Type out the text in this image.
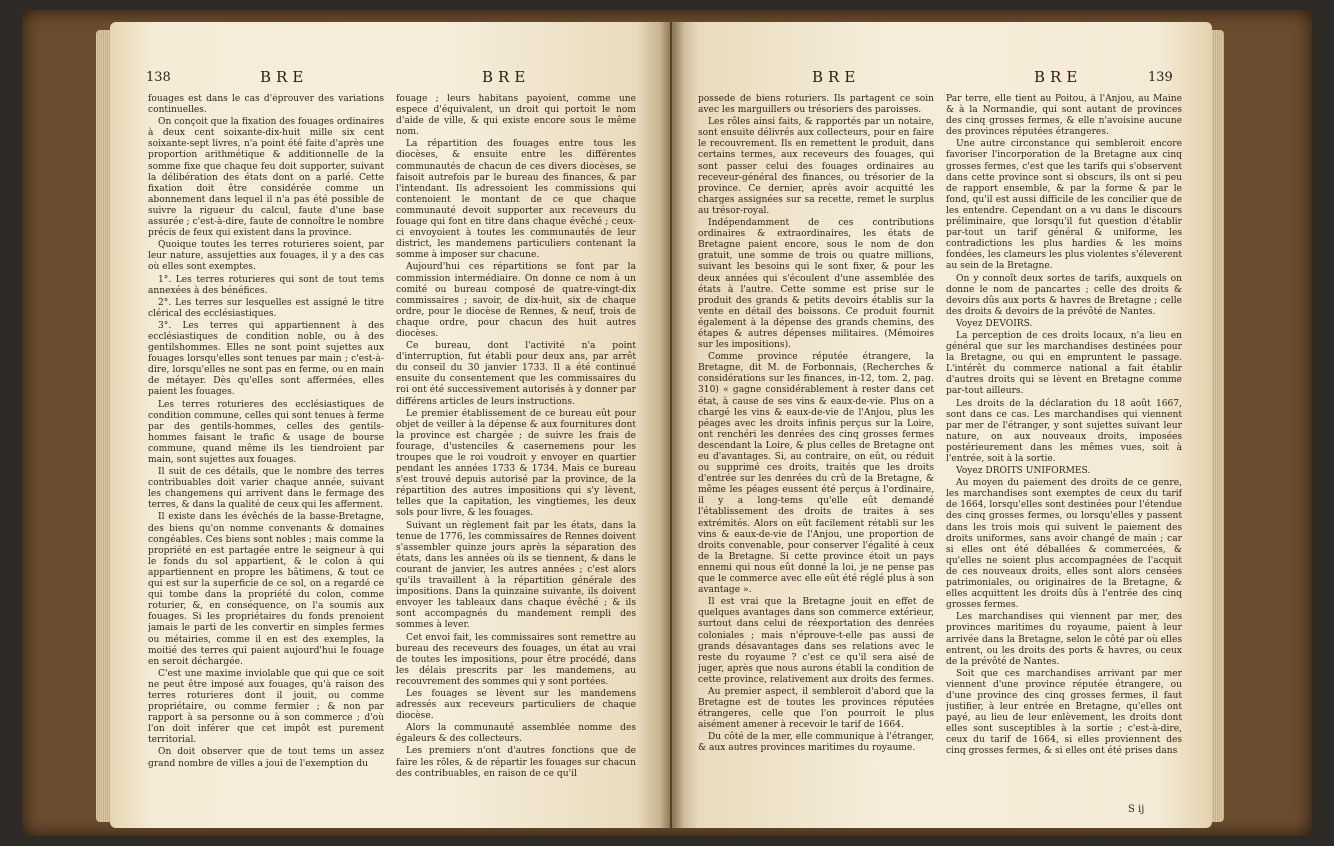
138	BRE	BRE

fouages est dans le cas d'éprouver des variations continuelles.

On conçoit que la fixation des fouages ordinaires à deux cent soixante-dix-huit mille six cent soixante-sept livres, n'a point été faite d'après une proportion arithmétique & additionnelle de la somme fixe que chaque feu doit supporter, suivant la délibération des états dont on a parlé. Cette fixation doit être considérée comme un abonnement dans lequel il n'a pas été possible de suivre la rigueur du calcul, faute d'une base assurée ; c'est-à-dire, faute de connoître le nombre précis de feux qui existent dans la province.

Quoique toutes les terres roturieres soient, par leur nature, assujetties aux fouages, il y a des cas où elles sont exemptes.

1°. Les terres roturieres qui sont de tout tems annexées à des bénéfices.

2°. Les terres sur lesquelles est assigné le titre clérical des ecclésiastiques.

3°. Les terres qui appartiennent à des ecclésiastiques de condition noble, ou à des gentilshommes. Elles ne sont point sujettes aux fouages lorsqu'elles sont tenues par main ; c'est-à-dire, lorsqu'elles ne sont pas en ferme, ou en main de métayer. Dès qu'elles sont affermées, elles paient les fouages.

Les terres roturieres des ecclésiastiques de condition commune, celles qui sont tenues à ferme par des gentils-hommes, celles des gentils-hommes faisant le trafic & usage de bourse commune, quand même ils les tiendroient par main, sont sujettes aux fouages.

Il suit de ces détails, que le nombre des terres contribuables doit varier chaque année, suivant les changemens qui arrivent dans le fermage des terres, & dans la qualité de ceux qui les afferment.

Il existe dans les évêchés de la basse-Bretagne, des biens qu'on nomme convenants & domaines congéables. Ces biens sont nobles ; mais comme la propriété en est partagée entre le seigneur à qui le fonds du sol appartient, & le colon à qui appartiennent en propre les bâtimens, & tout ce qui est sur la superficie de ce sol, on a regardé ce qui tombe dans la propriété du colon, comme roturier, &, en conséquence, on l'a soumis aux fouages. Si les propriétaires du fonds prenoient jamais le parti de les convertir en simples fermes ou métairies, comme il en est des exemples, la moitié des terres qui paient aujourd'hui le fouage en seroit déchargée.

C'est une maxime inviolable que qui que ce soit ne peut être imposé aux fouages, qu'à raison des terres roturieres dont il jouit, ou comme propriétaire, ou comme fermier ; & non par rapport à sa personne ou à son commerce ; d'où l'on doit inférer que cet impôt est purement territorial.

On doit observer que de tout tems un assez grand nombre de villes a joui de l'exemption du

fouage ; leurs habitans payoient, comme une espece d'équivalent, un droit qui portoit le nom d'aide de ville, & qui existe encore sous le même nom.

La répartition des fouages entre tous les diocèses, & ensuite entre les différentes communautés de chacun de ces divers diocèses, se faisoit autrefois par le bureau des finances, & par l'intendant. Ils adressoient les commissions qui contenoient le montant de ce que chaque communauté devoit supporter aux receveurs du fouage qui font en titre dans chaque évêché ; ceux-ci envoyoient à toutes les communautés de leur district, les mandemens particuliers contenant la somme à imposer sur chacune.

Aujourd'hui ces répartitions se font par la commission intermédiaire. On donne ce nom à un comité ou bureau composé de quatre-vingt-dix commissaires ; savoir, de dix-huit, six de chaque ordre, pour le diocèse de Rennes, & neuf, trois de chaque ordre, pour chacun des huit autres diocèses.

Ce bureau, dont l'activité n'a point d'interruption, fut établi pour deux ans, par arrêt du conseil du 30 janvier 1733. Il a été continué ensuite du consentement que les commissaires du roi ont été successivement autorisés à y donner par différens articles de leurs instructions.

Le premier établissement de ce bureau eût pour objet de veiller à la dépense & aux fournitures dont la province est chargée ; de suivre les frais de fourage, d'ustenciles & casernemens pour les troupes que le roi voudroit y envoyer en quartier pendant les années 1733 & 1734. Mais ce bureau s'est trouvé depuis autorisé par la province, de la répartition des autres impositions qui s'y lèvent, telles que la capitation, les vingtiemes, les deux sols pour livre, & les fouages.

Suivant un règlement fait par les états, dans la tenue de 1776, les commissaires de Rennes doivent s'assembler quinze jours après la séparation des états, dans les années où ils se tiennent, & dans le courant de janvier, les autres années ; c'est alors qu'ils travaillent à la répartition générale des impositions. Dans la quinzaine suivante, ils doivent envoyer les tableaux dans chaque évêché ; & ils sont accompagnés du mandement rempli des sommes à lever.

Cet envoi fait, les commissaires sont remettre au bureau des receveurs des fouages, un état au vrai de toutes les impositions, pour être procédé, dans les délais prescrits par les mandemens, au recouvrement des sommes qui y sont portées.

Les fouages se lèvent sur les mandemens adressés aux receveurs particuliers de chaque diocèse.

Alors la communauté assemblée nomme des égaleurs & des collecteurs.

Les premiers n'ont d'autres fonctions que de faire les rôles, & de répartir les fouages sur chacun des contribuables, en raison de ce qu'il

BRE	BRE	139

possede de biens roturiers. Ils partagent ce soin avec les marguillers ou trésoriers des paroisses.

Les rôles ainsi faits, & rapportés par un notaire, sont ensuite délivrés aux collecteurs, pour en faire le recouvrement. Ils en remettent le produit, dans certains termes, aux receveurs des fouages, qui sont passer celui des fouages ordinaires au receveur-général des finances, ou trésorier de la province. Ce dernier, après avoir acquitté les charges assignées sur sa recette, remet le surplus au trésor-royal.

Indépendamment de ces contributions ordinaires & extraordinaires, les états de Bretagne paient encore, sous le nom de don gratuit, une somme de trois ou quatre millions, suivant les besoins qui le sont fixer, & pour les deux années qui s'écoulent d'une assemblée des états à l'autre. Cette somme est prise sur le produit des grands & petits devoirs établis sur la vente en détail des boissons. Ce produit fournit également à la dépense des grands chemins, des étapes & autres dépenses militaires. (Mémoires sur les impositions).

Comme province réputée étrangere, la Bretagne, dit M. de Forbonnais, (Recherches & considérations sur les finances, in-12, tom. 2, pag. 310) « gagne considérablement à rester dans cet état, à cause de ses vins & eaux-de-vie. Plus on a chargé les vins & eaux-de-vie de l'Anjou, plus les péages avec les droits infinis perçus sur la Loire, ont renchéri les denrées des cinq grosses fermes descendant la Loire, & plus celles de Bretagne ont eu d'avantages. Si, au contraire, on eût, ou réduit ou supprimé ces droits, traités que les droits d'entrée sur les denrées du crû de la Bretagne, & même les péages eussent été perçus à l'ordinaire, il y a long-tems qu'elle eût demandé l'établissement des droits de traites à ses extrémités. Alors on eût facilement rétabli sur les vins & eaux-de-vie de l'Anjou, une proportion de droits convenable, pour conserver l'égalité à ceux de la Bretagne. Si cette province étoit un pays ennemi qui nous eût donné la loi, je ne pense pas que le commerce avec elle eût été réglé plus à son avantage ».

Il est vrai que la Bretagne jouit en effet de quelques avantages dans son commerce extérieur, surtout dans celui de réexportation des denrées coloniales ; mais n'éprouve-t-elle pas aussi de grands désavantages dans ses relations avec le reste du royaume ? c'est ce qu'il sera aisé de juger, après que nous aurons établi la condition de cette province, relativement aux droits des fermes.

Au premier aspect, il sembleroit d'abord que la Bretagne est de toutes les provinces réputées étrangeres, celle que l'on pourroit le plus aisément amener à recevoir le tarif de 1664.

Du côté de la mer, elle communique à l'étranger, & aux autres provinces maritimes du royaume.

Par terre, elle tient au Poitou, à l'Anjou, au Maine & à la Normandie, qui sont autant de provinces des cinq grosses fermes, & elle n'avoisine aucune des provinces réputées étrangeres.

Une autre circonstance qui sembleroit encore favoriser l'incorporation de la Bretagne aux cinq grosses fermes, c'est que les tarifs qui s'observent dans cette province sont si obscurs, ils ont si peu de rapport ensemble, & par la forme & par le fond, qu'il est aussi difficile de les concilier que de les entendre. Cependant on a vu dans le discours préliminaire, que lorsqu'il fut question d'établir par-tout un tarif général & uniforme, les contradictions les plus hardies & les moins fondées, les clameurs les plus violentes s'éleverent au sein de la Bretagne.

On y connoît deux sortes de tarifs, auxquels on donne le nom de pancartes ; celle des droits & devoirs dûs aux ports & havres de Bretagne ; celle des droits & devoirs de la prévôté de Nantes.

Voyez DEVOIRS.

La perception de ces droits locaux, n'a lieu en général que sur les marchandises destinées pour la Bretagne, ou qui en empruntent le passage. L'intérêt du commerce national a fait établir d'autres droits qui se lèvent en Bretagne comme par-tout ailleurs.

Les droits de la déclaration du 18 août 1667, sont dans ce cas. Les marchandises qui viennent par mer de l'étranger, y sont sujettes suivant leur nature, on aux nouveaux droits, imposées postérieurement dans les mêmes vues, soit à l'entrée, soit à la sortie.

Voyez DROITS UNIFORMES.

Au moyen du paiement des droits de ce genre, les marchandises sont exemptes de ceux du tarif de 1664, lorsqu'elles sont destinées pour l'étendue des cinq grosses fermes, ou lorsqu'elles y passent dans les trois mois qui suivent le paiement des droits uniformes, sans avoir changé de main ; car si elles ont été déballées & commercées, & qu'elles ne soient plus accompagnées de l'acquit de ces nouveaux droits, elles sont alors censées patrimoniales, ou originaires de la Bretagne, & elles acquittent les droits dûs à l'entrée des cinq grosses fermes.

Les marchandises qui viennent par mer, des provinces maritimes du royaume, paient à leur arrivée dans la Bretagne, selon le côté par où elles entrent, ou les droits des ports & havres, ou ceux de la prévôté de Nantes.

Soit que ces marchandises arrivant par mer viennent d'une province réputée étrangere, ou d'une province des cinq grosses fermes, il faut justifier, à leur entrée en Bretagne, qu'elles ont payé, au lieu de leur enlèvement, les droits dont elles sont susceptibles à la sortie ; c'est-à-dire, ceux du tarif de 1664, si elles proviennent des cinq grosses fermes, & si elles ont été prises dans

S ij
